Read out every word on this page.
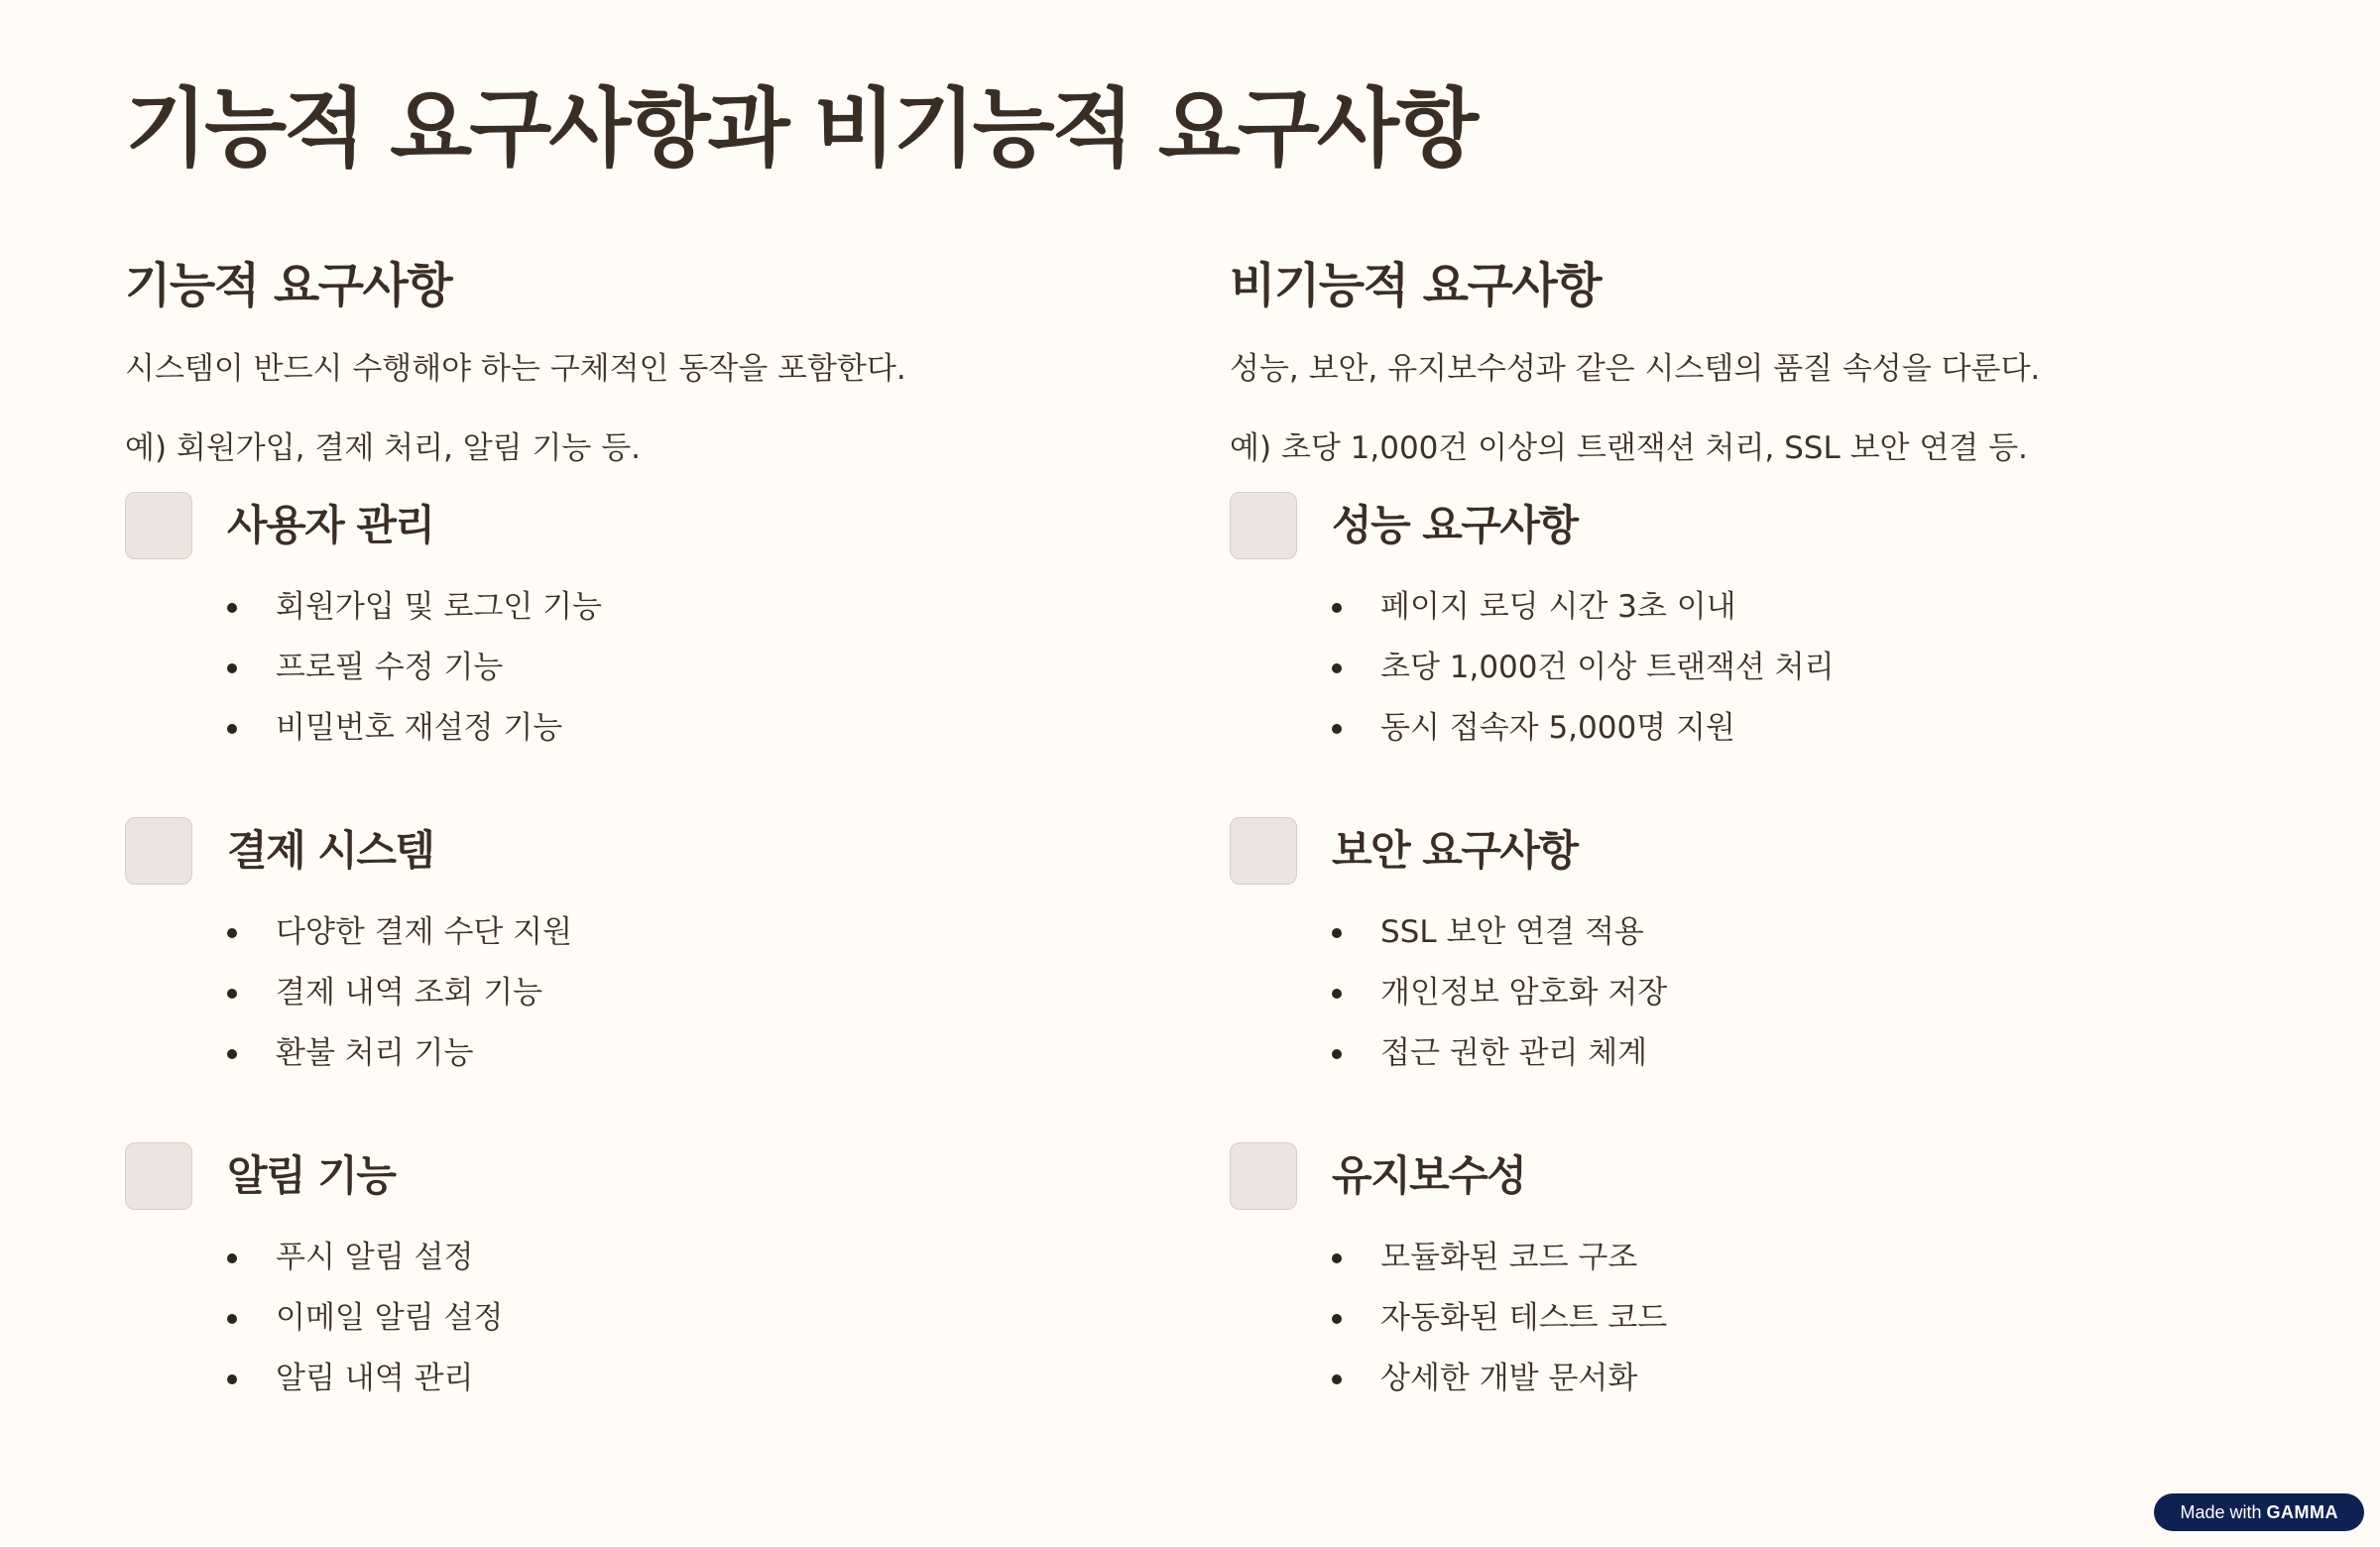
기능적 요구사항과 비기능적 요구사항
기능적 요구사항

시스템이 반드시 수행해야 하는 구체적인 동작을 포함한다.

예) 회원가입, 결제 처리, 알림 기능 등.

사용자 관리
회원가입 및 로그인 기능
프로필 수정 기능
비밀번호 재설정 기능
결제 시스템
다양한 결제 수단 지원
결제 내역 조회 기능
환불 처리 기능
알림 기능
푸시 알림 설정
이메일 알림 설정
알림 내역 관리
비기능적 요구사항

성능, 보안, 유지보수성과 같은 시스템의 품질 속성을 다룬다.

예) 초당 1,000건 이상의 트랜잭션 처리, SSL 보안 연결 등.

성능 요구사항
페이지 로딩 시간 3초 이내
초당 1,000건 이상 트랜잭션 처리
동시 접속자 5,000명 지원
보안 요구사항
SSL 보안 연결 적용
개인정보 암호화 저장
접근 권한 관리 체계
유지보수성
모듈화된 코드 구조
자동화된 테스트 코드
상세한 개발 문서화
Made with GAMMA
